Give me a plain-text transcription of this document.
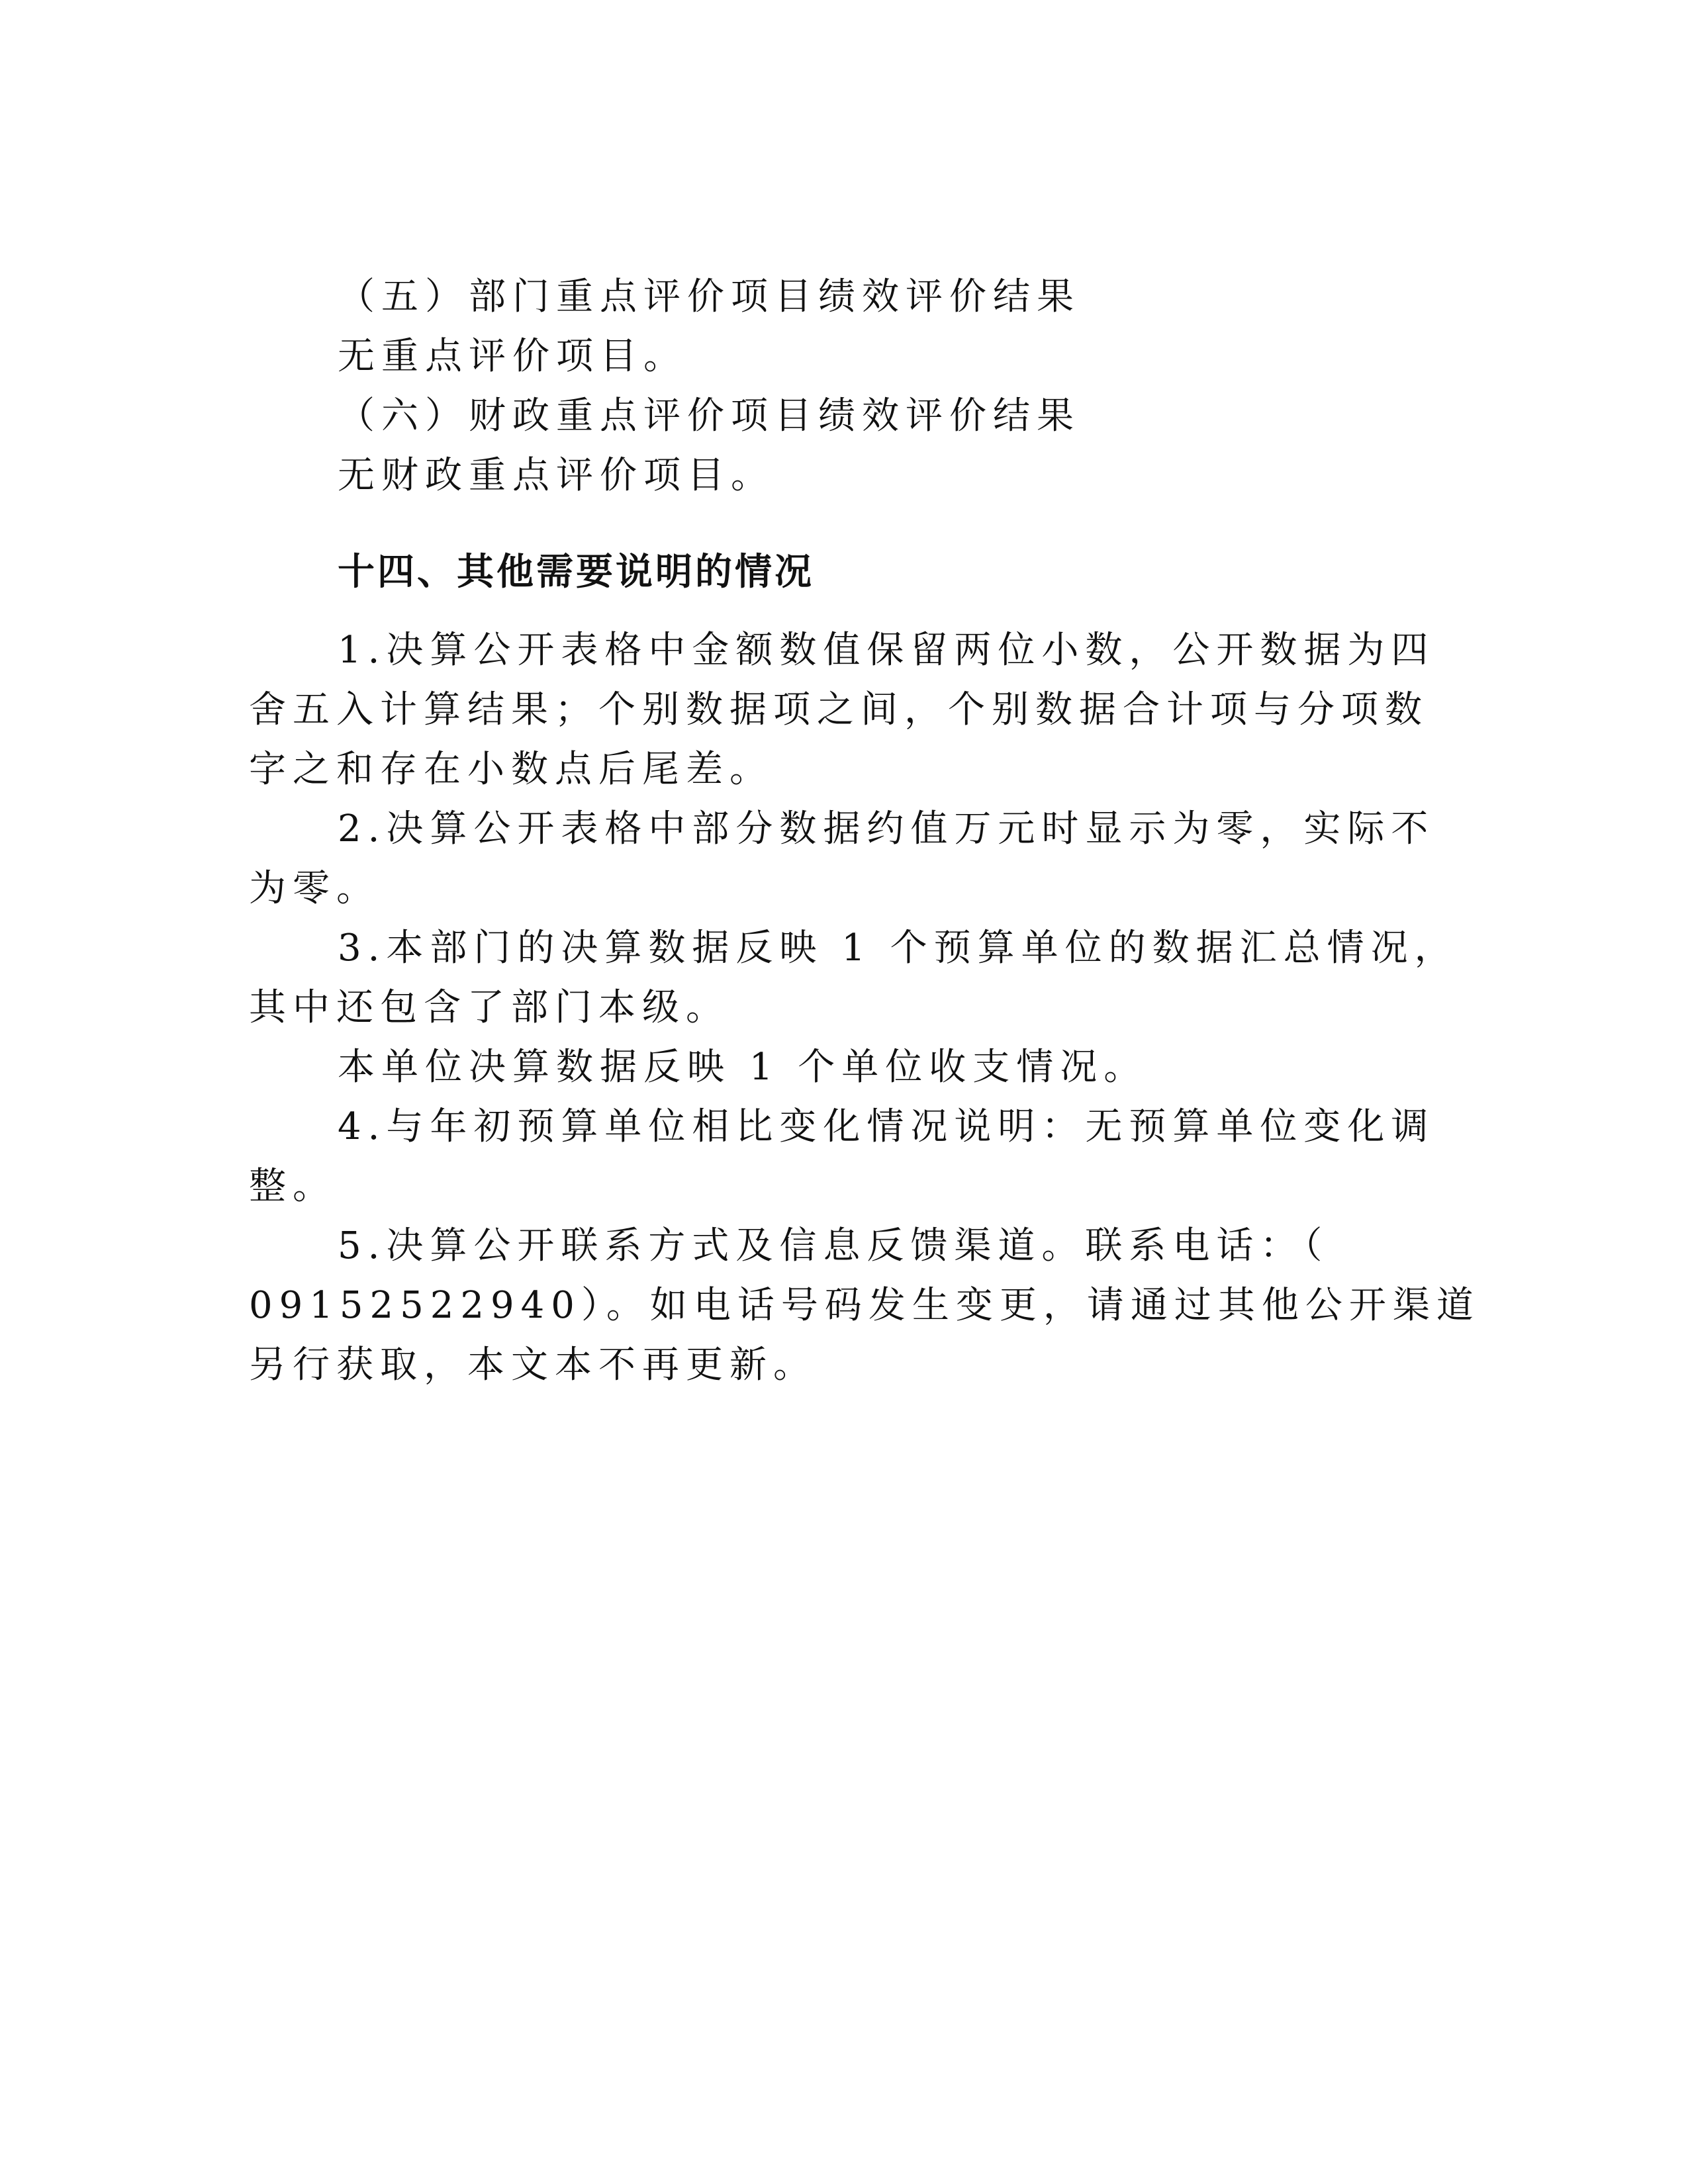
（五）部门重点评价项目绩效评价结果

无重点评价项目。

（六）财政重点评价项目绩效评价结果

无财政重点评价项目。

十四、其他需要说明的情况

1.决算公开表格中金额数值保留两位小数，公开数据为四

舍五入计算结果；个别数据项之间，个别数据合计项与分项数

字之和存在小数点后尾差。

2.决算公开表格中部分数据约值万元时显示为零，实际不

为零。

3.本部门的决算数据反映 1 个预算单位的数据汇总情况，

其中还包含了部门本级。

本单位决算数据反映 1 个单位收支情况。

4.与年初预算单位相比变化情况说明：无预算单位变化调

整。

5.决算公开联系方式及信息反馈渠道。联系电话：（

09152522940）。如电话号码发生变更，请通过其他公开渠道

另行获取，本文本不再更新。
